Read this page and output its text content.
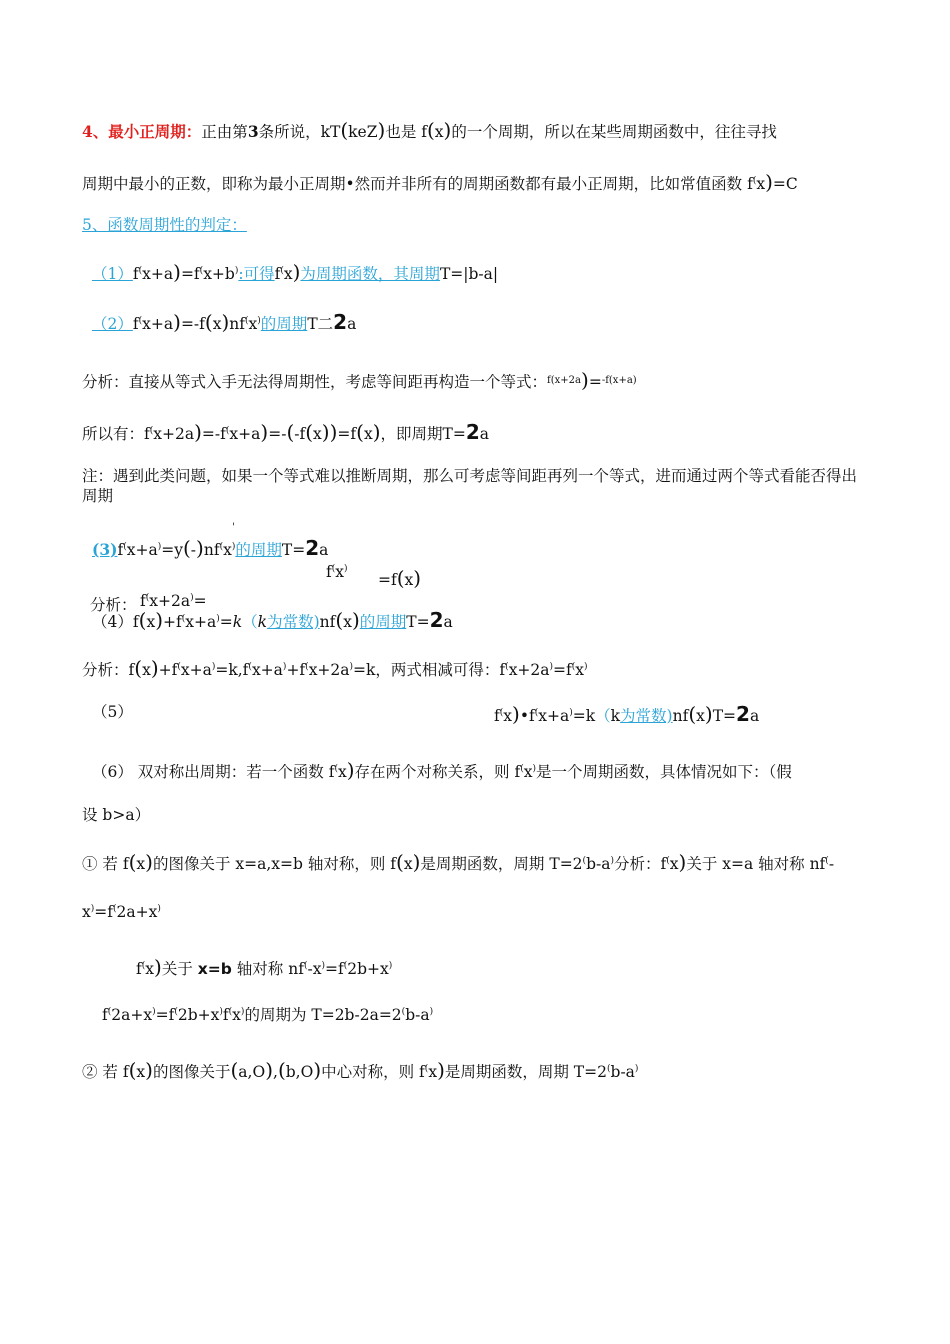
4、最小正周期：正由第3条所说，kT(keZ)也是 f(x)的一个周期，所以在某些周期函数中，往往寻找
周期中最小的正数，即称为最小正周期•然而并非所有的周期函数都有最小正周期，比如常值函数 f(x)=C
5、函数周期性的判定：
（1）f(x+a)=f(x+b):可得f(x)为周期函数，其周期T=|b-a|
（2）f(x+a)=-f(x)nf(x)的周期T二2a
分析：直接从等式入手无法得周期性，考虑等间距再构造一个等式：$^{f(x+2a}$)=$^{-f(x+a)}$
所以有：f(x+2a)=-f(x+a)=-(-f(x))=f(x)，即周期T=2a
注：遇到此类问题，如果一个等式难以推断周期，那么可考虑等间距再列一个等式，进而通过两个等式看能否得出周期
(3)f(x+a)=y(-)nf(x)的周期T=2a
'
f(x)
=f(x)
分析： f(x+2a)=
（4）f(x)+f(x+a)=k（k为常数)nf(x)的周期T=2a
分析：f(x)+f(x+a)=k,f(x+a)+f(x+2a)=k，两式相减可得：f(x+2a)=f(x)
（5）	f(x)•f(x+a)=k（k为常数)nf(x)T=2a
（6） 双对称出周期：若一个函数 f(x)存在两个对称关系，则 f(x)是一个周期函数，具体情况如下：（假
设 b>a）
① 若 f(x)的图像关于 x=a,x=b 轴对称，则 f(x)是周期函数，周期 T=2(b-a)分析：f(x)关于 x=a 轴对称 nf(-
x)=f(2a+x)
f(x)关于 x=b 轴对称 nf(-x)=f(2b+x)
f(2a+x)=f(2b+x)f(x)的周期为 T=2b-2a=2(b-a)
② 若 f(x)的图像关于(a,O),(b,O)中心对称，则 f(x)是周期函数，周期 T=2(b-a)
